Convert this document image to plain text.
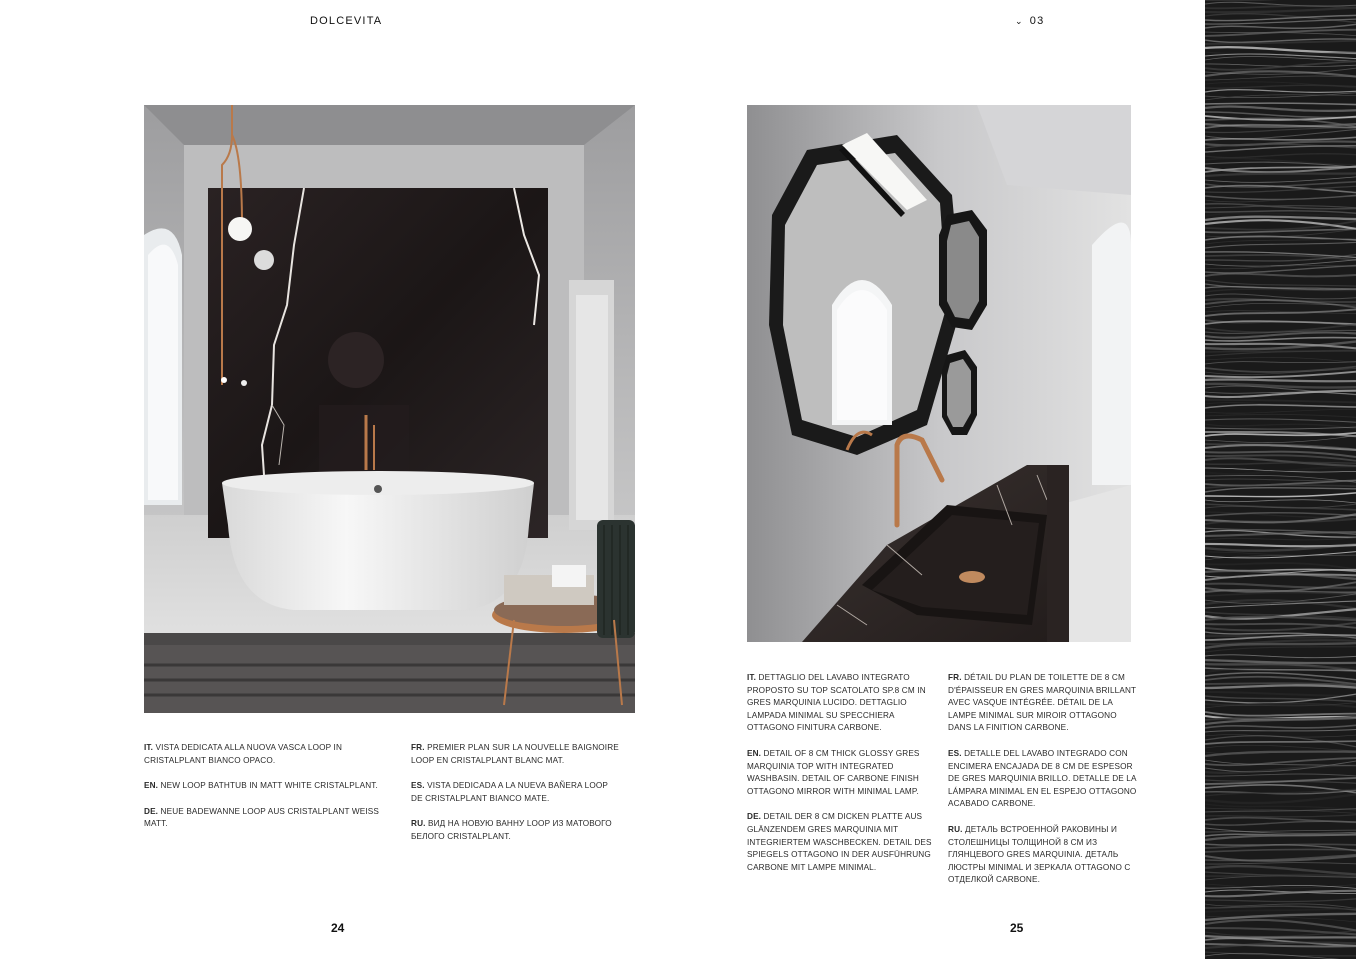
DOLCEVITA

IT. VISTA DEDICATA ALLA NUOVA VASCA LOOP IN CRISTALPLANT BIANCO OPACO.

EN. NEW LOOP BATHTUB IN MATT WHITE CRISTALPLANT.

DE. NEUE BADEWANNE LOOP AUS CRISTALPLANT WEISS MATT.

FR. PREMIER PLAN SUR LA NOUVELLE BAIGNOIRE LOOP EN CRISTALPLANT BLANC MAT.

ES. VISTA DEDICADA A LA NUEVA BAÑERA LOOP DE CRISTALPLANT BIANCO MATE.

RU. ВИД НА НОВУЮ ВАННУ LOOP ИЗ МАТОВОГО БЕЛОГО CRISTALPLANT.

24
⌄ 03

IT. DETTAGLIO DEL LAVABO INTEGRATO PROPOSTO SU TOP SCATOLATO SP.8 CM IN GRES MARQUINIA LUCIDO. DETTAGLIO LAMPADA MINIMAL SU SPECCHIERA OTTAGONO FINITURA CARBONE.

EN. DETAIL OF 8 CM THICK GLOSSY GRES MARQUINIA TOP WITH INTEGRATED WASHBASIN. DETAIL OF CARBONE FINISH OTTAGONO MIRROR WITH MINIMAL LAMP.

DE. DETAIL DER 8 CM DICKEN PLATTE AUS GLÄNZENDEM GRES MARQUINIA MIT INTEGRIERTEM WASCHBECKEN. DETAIL DES SPIEGELS OTTAGONO IN DER AUSFÜHRUNG CARBONE MIT LAMPE MINIMAL.

FR. DÉTAIL DU PLAN DE TOILETTE DE 8 CM D'ÉPAISSEUR EN GRES MARQUINIA BRILLANT AVEC VASQUE INTÉGRÉE. DÉTAIL DE LA LAMPE MINIMAL SUR MIROIR OTTAGONO DANS LA FINITION CARBONE.

ES. DETALLE DEL LAVABO INTEGRADO CON ENCIMERA ENCAJADA DE 8 CM DE ESPESOR DE GRES MARQUINIA BRILLO. DETALLE DE LA LÁMPARA MINIMAL EN EL ESPEJO OTTAGONO ACABADO CARBONE.

RU. ДЕТАЛЬ ВСТРОЕННОЙ РАКОВИНЫ И СТОЛЕШНИЦЫ ТОЛЩИНОЙ 8 СМ ИЗ ГЛЯНЦЕВОГО GRES MARQUINIA. ДЕТАЛЬ ЛЮСТРЫ MINIMAL И ЗЕРКАЛА OTTAGONO С ОТДЕЛКОЙ CARBONE.

25
